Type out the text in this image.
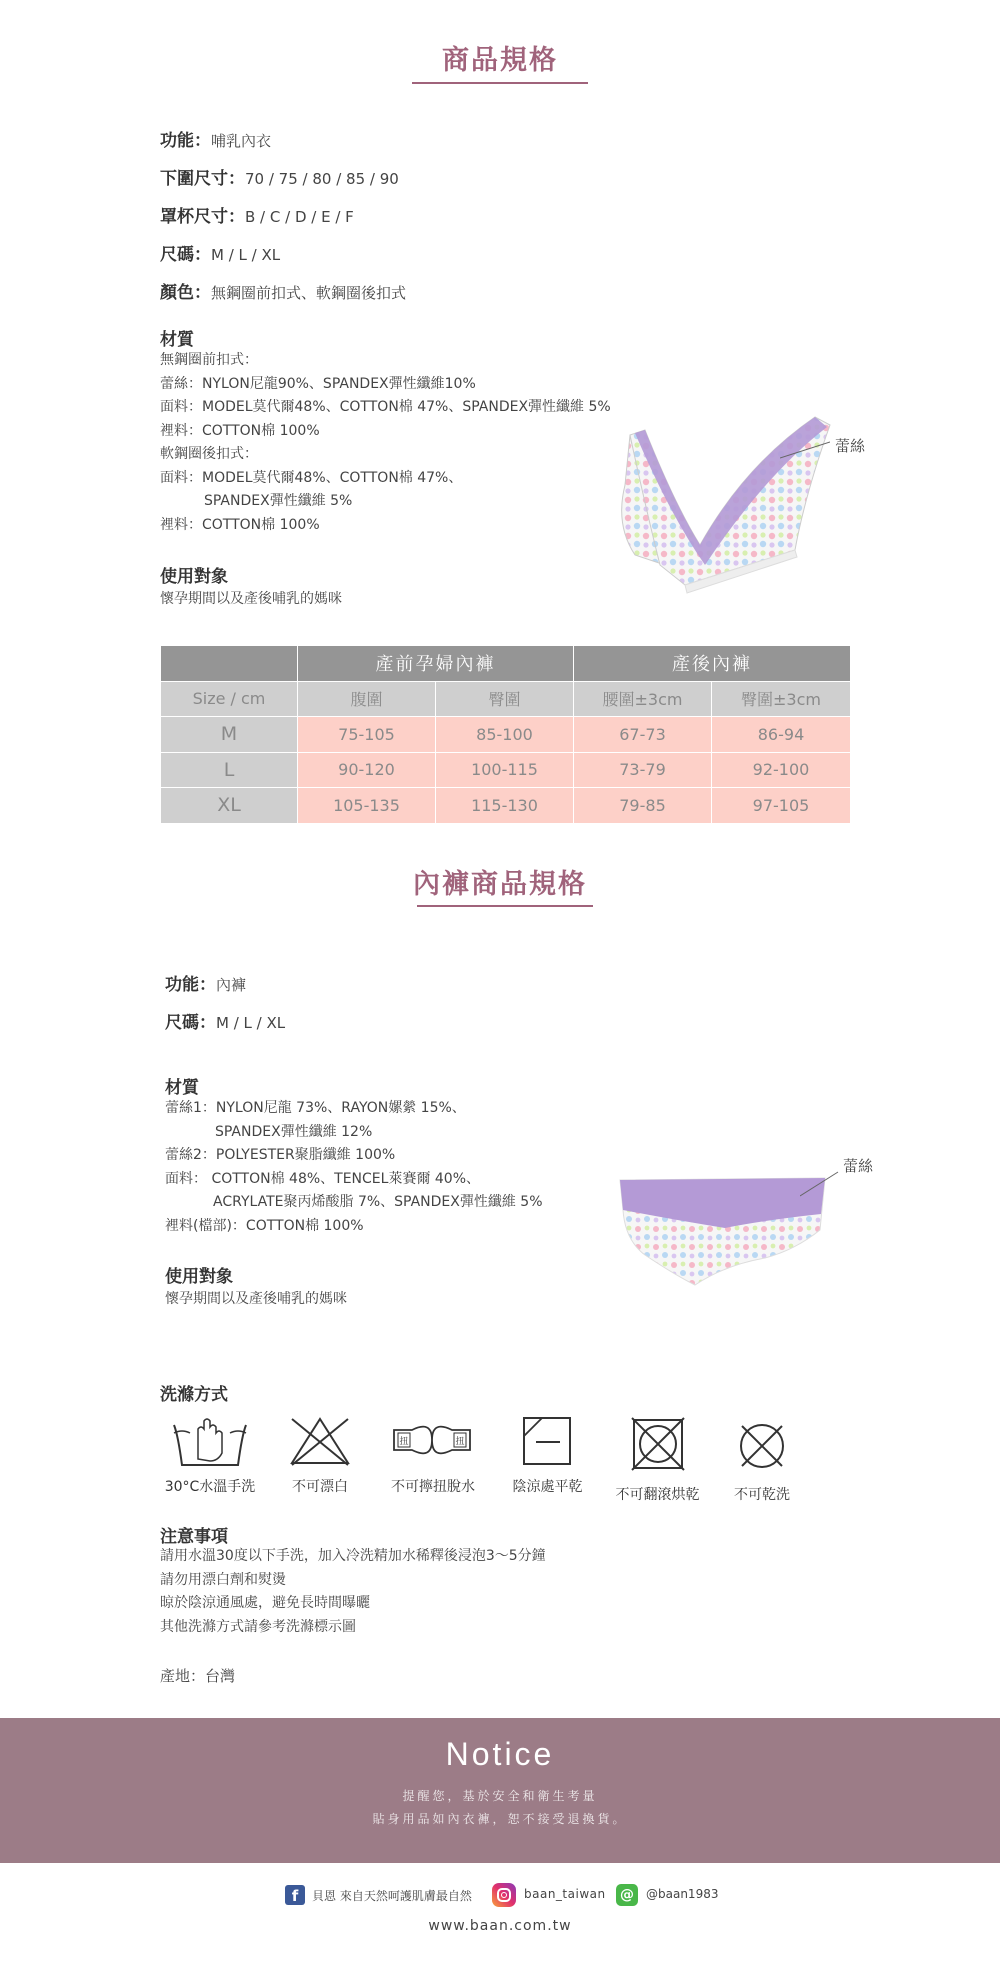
商品規格
功能：哺乳內衣
下圍尺寸：70 / 75 / 80 / 85 / 90
罩杯尺寸：B / C / D / E / F
尺碼：M / L / XL
顏色：無鋼圈前扣式、軟鋼圈後扣式
材質
無鋼圈前扣式：
蕾絲：NYLON尼龍90%、SPANDEX彈性纖維10%
面料：MODEL莫代爾48%、COTTON棉 47%、SPANDEX彈性纖維 5%
裡料：COTTON棉 100%
軟鋼圈後扣式：
面料：MODEL莫代爾48%、COTTON棉 47%、
SPANDEX彈性纖維 5%
裡料：COTTON棉 100%
使用對象
懷孕期間以及產後哺乳的媽咪
蕾絲
	產前孕婦內褲		產後內褲	
Size / cm	腹圍	臀圍	腰圍±3cm	臀圍±3cm
M	75-105	85-100	67-73	86-94
L	90-120	100-115	73-79	92-100
XL	105-135	115-130	79-85	97-105
內褲商品規格
功能：內褲
尺碼：M / L / XL
材質
蕾絲1：NYLON尼龍 73%、RAYON嫘縈 15%、
SPANDEX彈性纖維 12%
蕾絲2：POLYESTER聚脂纖維 100%
面料： COTTON棉 48%、TENCEL萊賽爾 40%、
ACRYLATE聚丙烯酸脂 7%、SPANDEX彈性纖維 5%
裡料(檔部)：COTTON棉 100%
使用對象
懷孕期間以及產後哺乳的媽咪
蕾絲
洗滌方式
30°C水溫手洗	不可漂白
扭	扭
不可擰扭脫水	陰涼處平乾	不可翻滾烘乾	不可乾洗
注意事項
請用水溫30度以下手洗，加入冷洗精加水稀釋後浸泡3～5分鐘
請勿用漂白劑和熨燙
晾於陰涼通風處，避免長時間曝曬
其他洗滌方式請參考洗滌標示圖
產地：台灣
Notice
提醒您，基於安全和衛生考量
貼身用品如內衣褲，恕不接受退換貨。
f	貝恩 來自天然呵護肌膚最自然	baan_taiwan @	@baan1983
www.baan.com.tw
